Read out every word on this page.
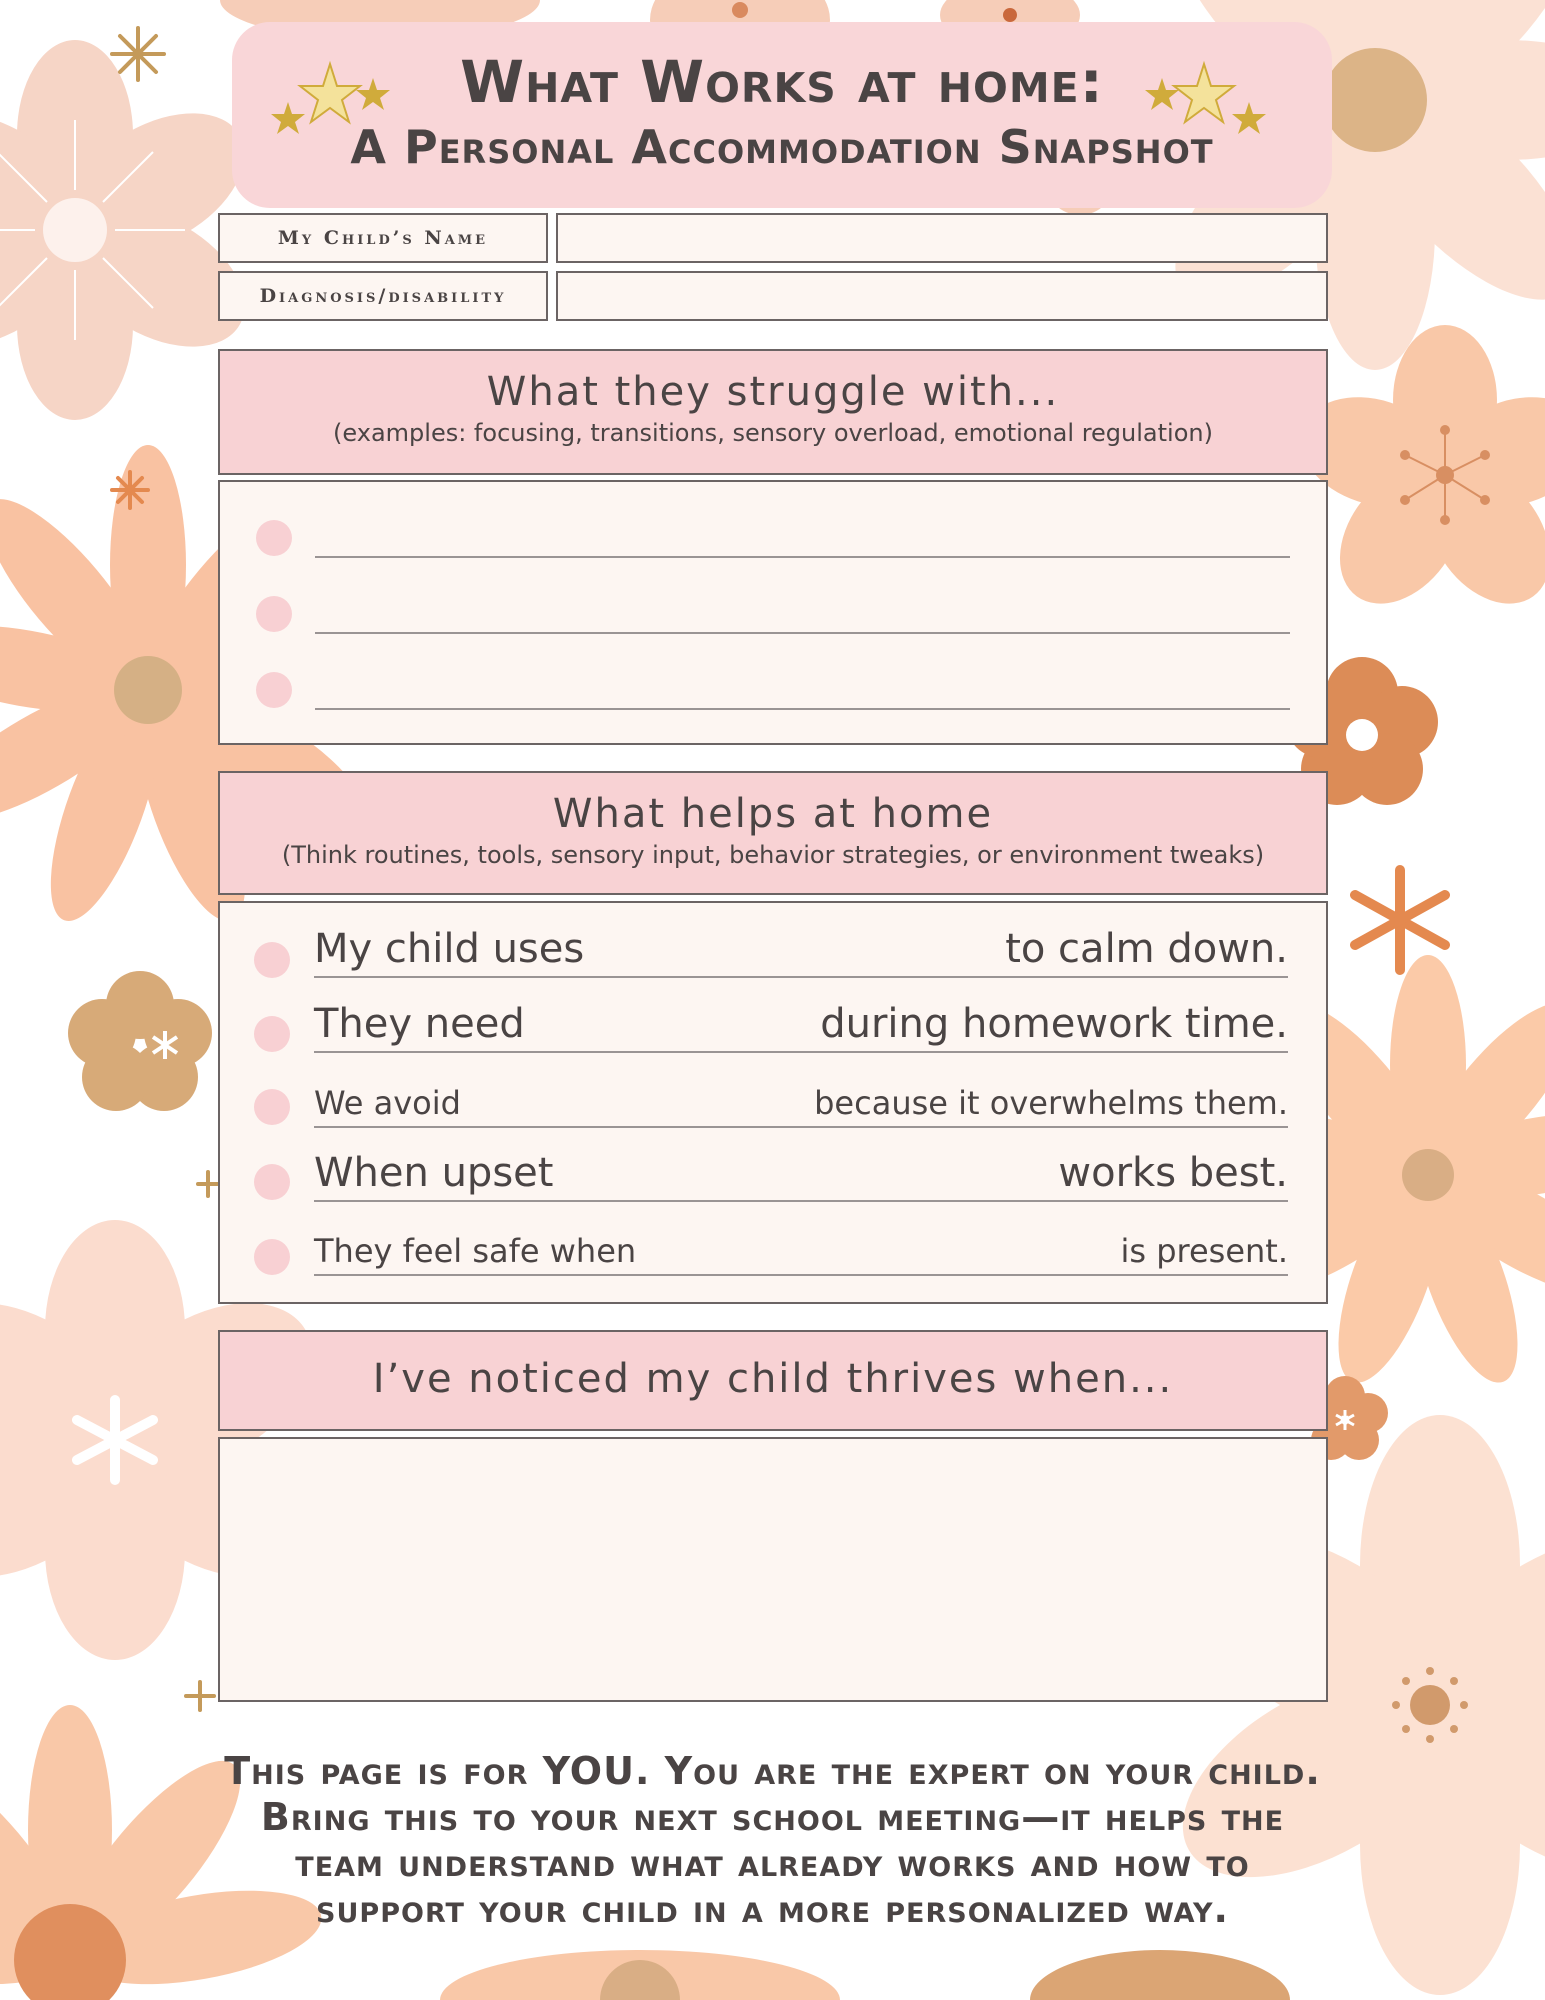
What Works at home:
A Personal Accommodation Snapshot
My Child’s Name
Diagnosis/disability
What they struggle with...
(examples: focusing, transitions, sensory overload, emotional regulation)
What helps at home
(Think routines, tools, sensory input, behavior strategies, or environment tweaks)
My child uses	to calm down.
They need	during homework time.
We avoid	because it overwhelms them.
When upset	works best.
They feel safe when	is present.
I’ve noticed my child thrives when...
This page is for YOU. You are the expert on your child.
Bring this to your next school meeting—it helps the
team understand what already works and how to
support your child in a more personalized way.
